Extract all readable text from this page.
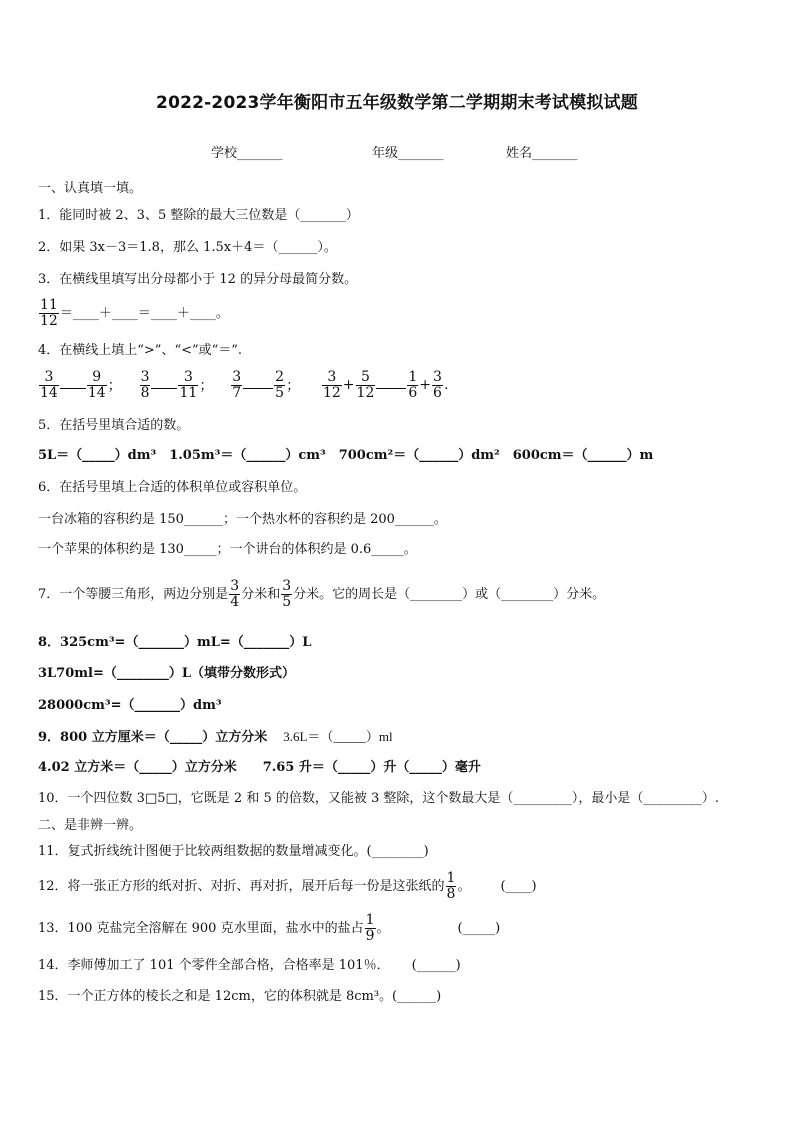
2022-2023学年衡阳市五年级数学第二学期期末考试模拟试题
学校_______	年级_______	姓名_______
一、认真填一填。
1．能同时被 2、3、5 整除的最大三位数是（_______）
2．如果 3x－3＝1.8，那么 1.5x＋4＝（______）。
3．在横线里填写出分母都小于 12 的异分母最简分数。
$\frac{11}{12}$ ＝____＋____＝____＋____。
4．在横线上填上“>”、“<”或“＝”.
$\frac{3}{14} \frac{9}{14}$ ； $\frac{3}{8} \frac{3}{11}$ ； $\frac{3}{7} \frac{2}{5}$ ； $\frac{3}{12} + \frac{5}{12} \frac{1}{6} + \frac{3}{6}$ .
5．在括号里填合适的数。
5L＝（_____）dm³　1.05m³＝（______）cm³　700cm²＝（______）dm²　600cm＝（______）m
6．在括号里填上合适的体积单位或容积单位。
一台冰箱的容积约是 150______；一个热水杯的容积约是 200______。
一个苹果的体积约是 130_____；一个讲台的体积约是 0.6_____。
7．一个等腰三角形，两边分别是 $\frac{3}{4}$ 分米和 $\frac{3}{5}$ 分米。它的周长是（________）或（________）分米。
8．325cm³=（_______）mL=（_______）L
3L70ml=（________）L（填带分数形式）
28000cm³=（_______）dm³
9．800 立方厘米＝（_____）立方分米 3.6L＝（_____）ml
4.02 立方米＝（_____）立方分米　　7.65 升＝（_____）升（_____）毫升
10．一个四位数 3□5□，它既是 2 和 5 的倍数，又能被 3 整除，这个数最大是（_________），最小是（_________）.
二、是非辨一辨。
11．复式折线统计图便于比较两组数据的数量增减变化。(________)
12．将一张正方形的纸对折、对折、再对折，展开后每一份是这张纸的 $\frac{1}{8}$ 。 (____)
13．100 克盐完全溶解在 900 克水里面，盐水中的盐占 $\frac{1}{9}$ 。	(_____)
14．李师傅加工了 101 个零件全部合格，合格率是 101％． (______)
15．一个正方体的棱长之和是 12cm，它的体积就是 8cm³。(______)
